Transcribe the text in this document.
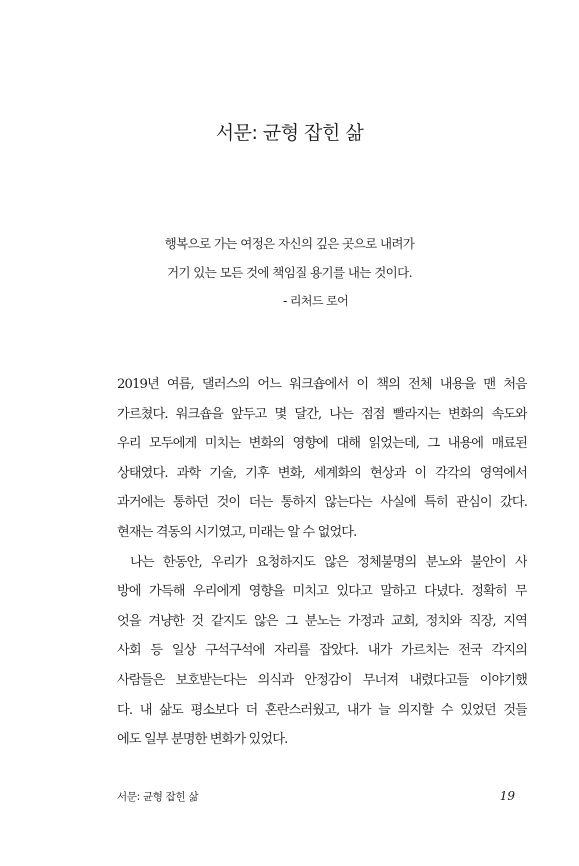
서문: 균형 잡힌 삶
행복으로 가는 여정은 자신의 깊은 곳으로 내려가
거기 있는 모든 것에 책임질 용기를 내는 것이다.
- 리처드 로어
2019년 여름, 댈러스의 어느 워크숍에서 이 책의 전체 내용을 맨 처음
가르쳤다. 워크숍을 앞두고 몇 달간, 나는 점점 빨라지는 변화의 속도와
우리 모두에게 미치는 변화의 영향에 대해 읽었는데, 그 내용에 매료된
상태였다. 과학 기술, 기후 변화, 세계화의 현상과 이 각각의 영역에서
과거에는 통하던 것이 더는 통하지 않는다는 사실에 특히 관심이 갔다.
현재는 격동의 시기였고, 미래는 알 수 없었다.
나는 한동안, 우리가 요청하지도 않은 정체불명의 분노와 불안이 사
방에 가득해 우리에게 영향을 미치고 있다고 말하고 다녔다. 정확히 무
엇을 겨냥한 것 같지도 않은 그 분노는 가정과 교회, 정치와 직장, 지역
사회 등 일상 구석구석에 자리를 잡았다. 내가 가르치는 전국 각지의
사람들은 보호받는다는 의식과 안정감이 무너져 내렸다고들 이야기했
다. 내 삶도 평소보다 더 혼란스러웠고, 내가 늘 의지할 수 있었던 것들
에도 일부 분명한 변화가 있었다.
서문: 균형 잡힌 삶	19
